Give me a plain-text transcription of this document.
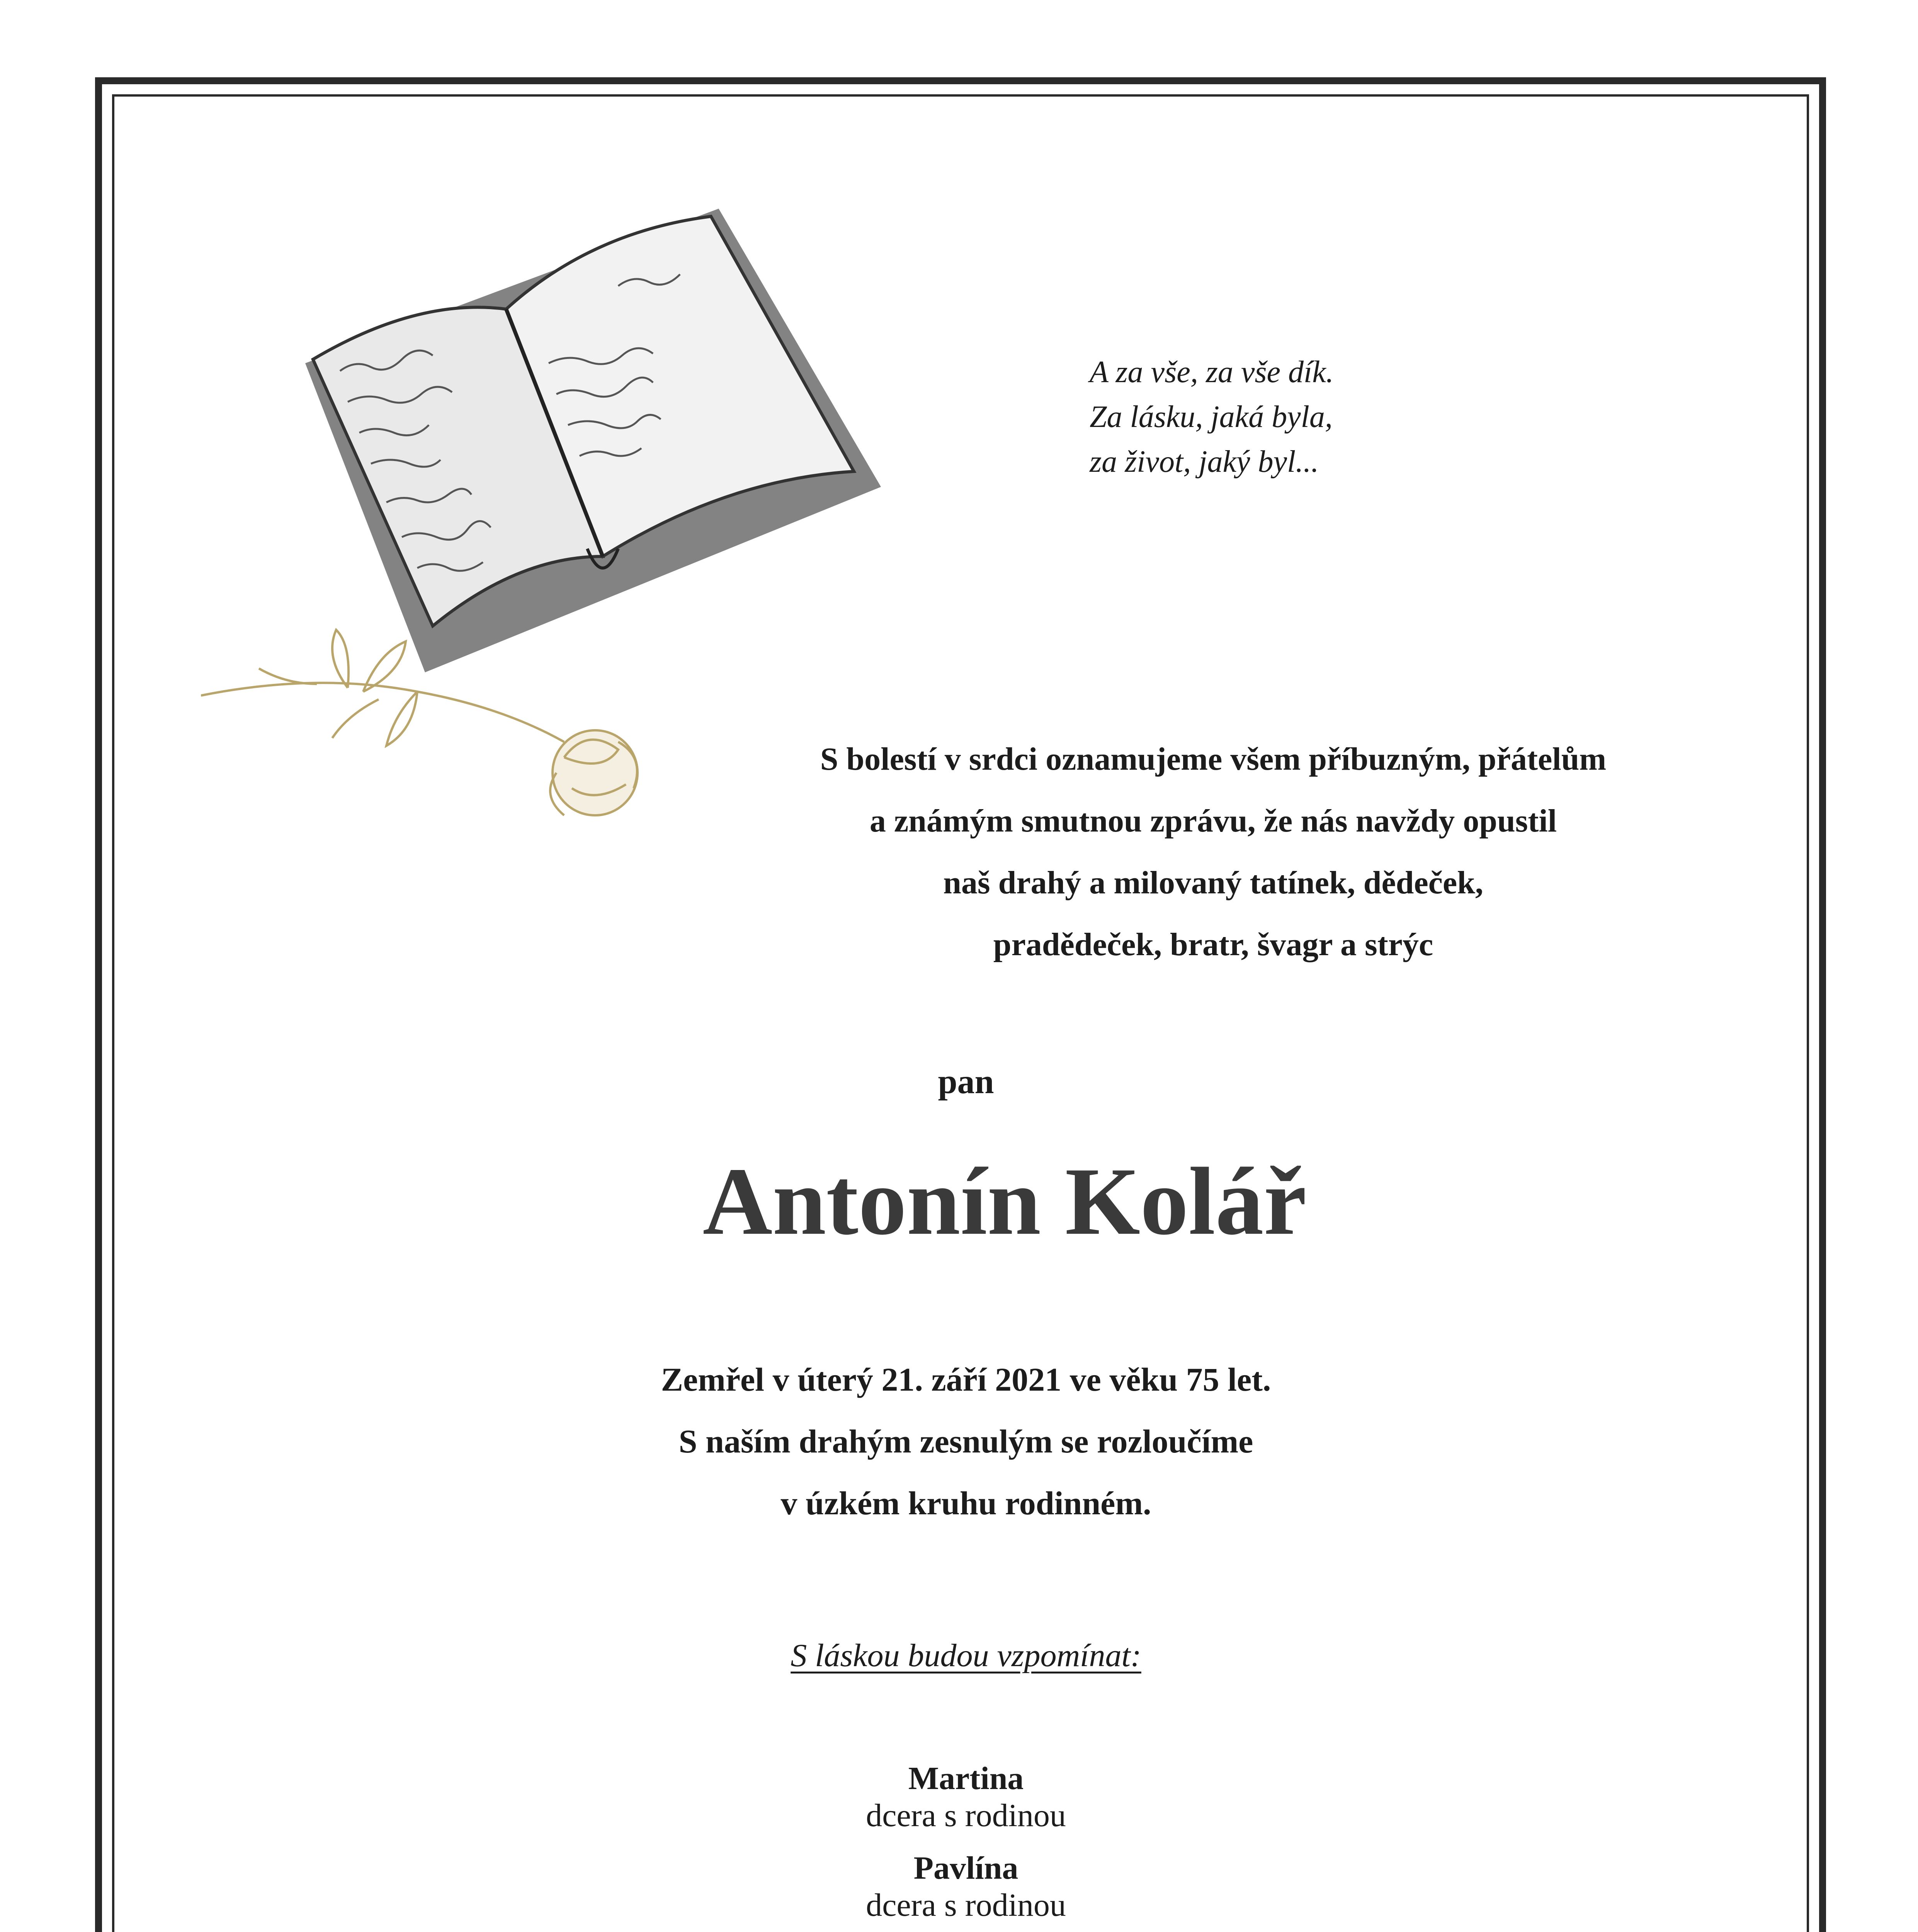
A za vše, za vše dík.
Za lásku, jaká byla,
za život, jaký byl...
S bolestí v srdci oznamujeme všem příbuzným, přátelům
a známým smutnou zprávu, že nás navždy opustil
naš drahý a milovaný tatínek, dědeček,
pradědeček, bratr, švagr a strýc
pan
Antonín Kolář
Zemřel v úterý 21. září 2021 ve věku 75 let.
S naším drahým zesnulým se rozloučíme
v úzkém kruhu rodinném.
S láskou budou vzpomínat:
Martina
dcera s rodinou
Pavlína
dcera s rodinou
